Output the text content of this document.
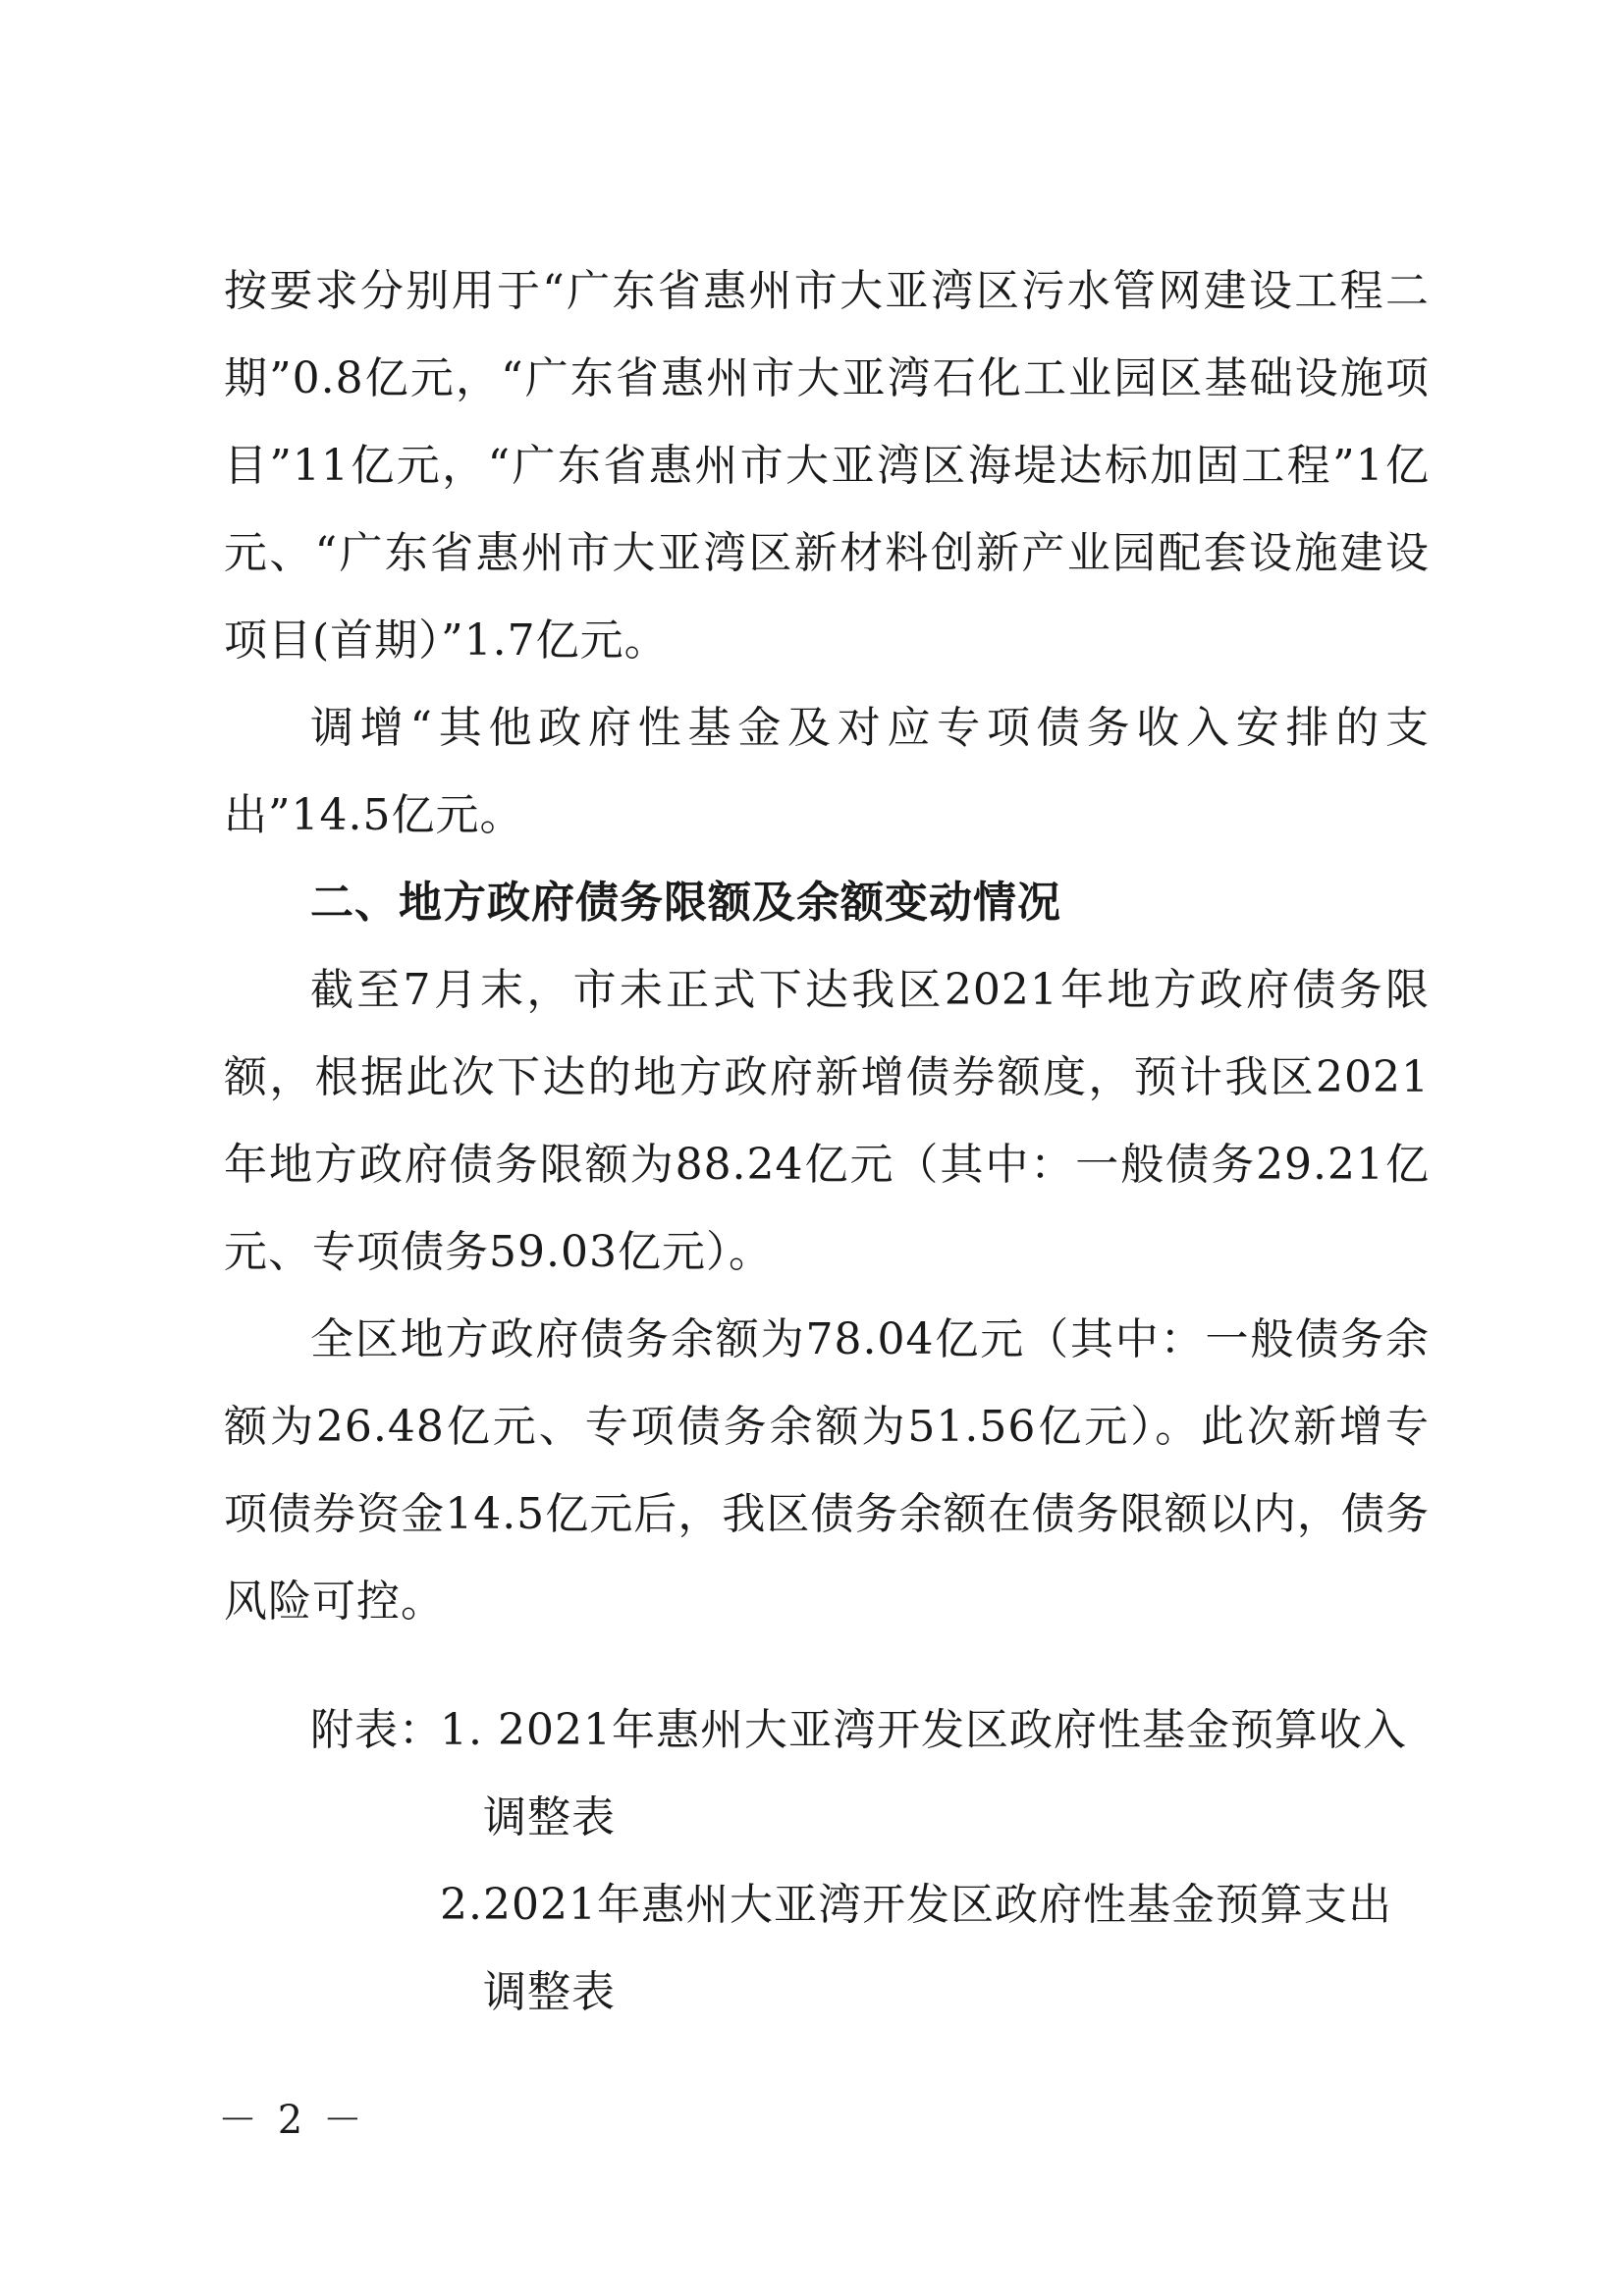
按要求分别用于“广东省惠州市大亚湾区污水管网建设工程二期”0.8亿元，“广东省惠州市大亚湾石化工业园区基础设施项目”11亿元，“广东省惠州市大亚湾区海堤达标加固工程”1亿元、“广东省惠州市大亚湾区新材料创新产业园配套设施建设项目(首期）”1.7亿元。

调增“其他政府性基金及对应专项债务收入安排的支出”14.5亿元。

二、地方政府债务限额及余额变动情况

截至7月末，市未正式下达我区2021年地方政府债务限额，根据此次下达的地方政府新增债券额度，预计我区2021年地方政府债务限额为88.24亿元（其中：一般债务29.21亿元、专项债务59.03亿元）。

全区地方政府债务余额为78.04亿元（其中：一般债务余额为26.48亿元、专项债务余额为51.56亿元）。此次新增专项债券资金14.5亿元后，我区债务余额在债务限额以内，债务风险可控。

附表：
1. 2021年惠州大亚湾开发区政府性基金预算收入
调整表
2.2021年惠州大亚湾开发区政府性基金预算支出
调整表
－ 2 －
